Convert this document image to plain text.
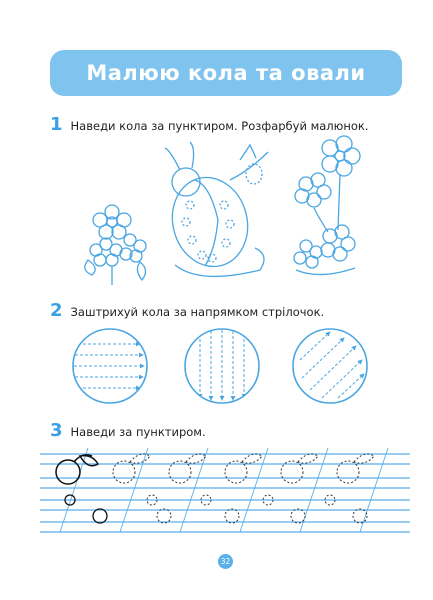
Малюю кола та овали
1 Наведи кола за пунктиром. Розфарбуй малюнок.
2 Заштрихуй кола за напрямком стрілочок.
3 Наведи за пунктиром.
32
